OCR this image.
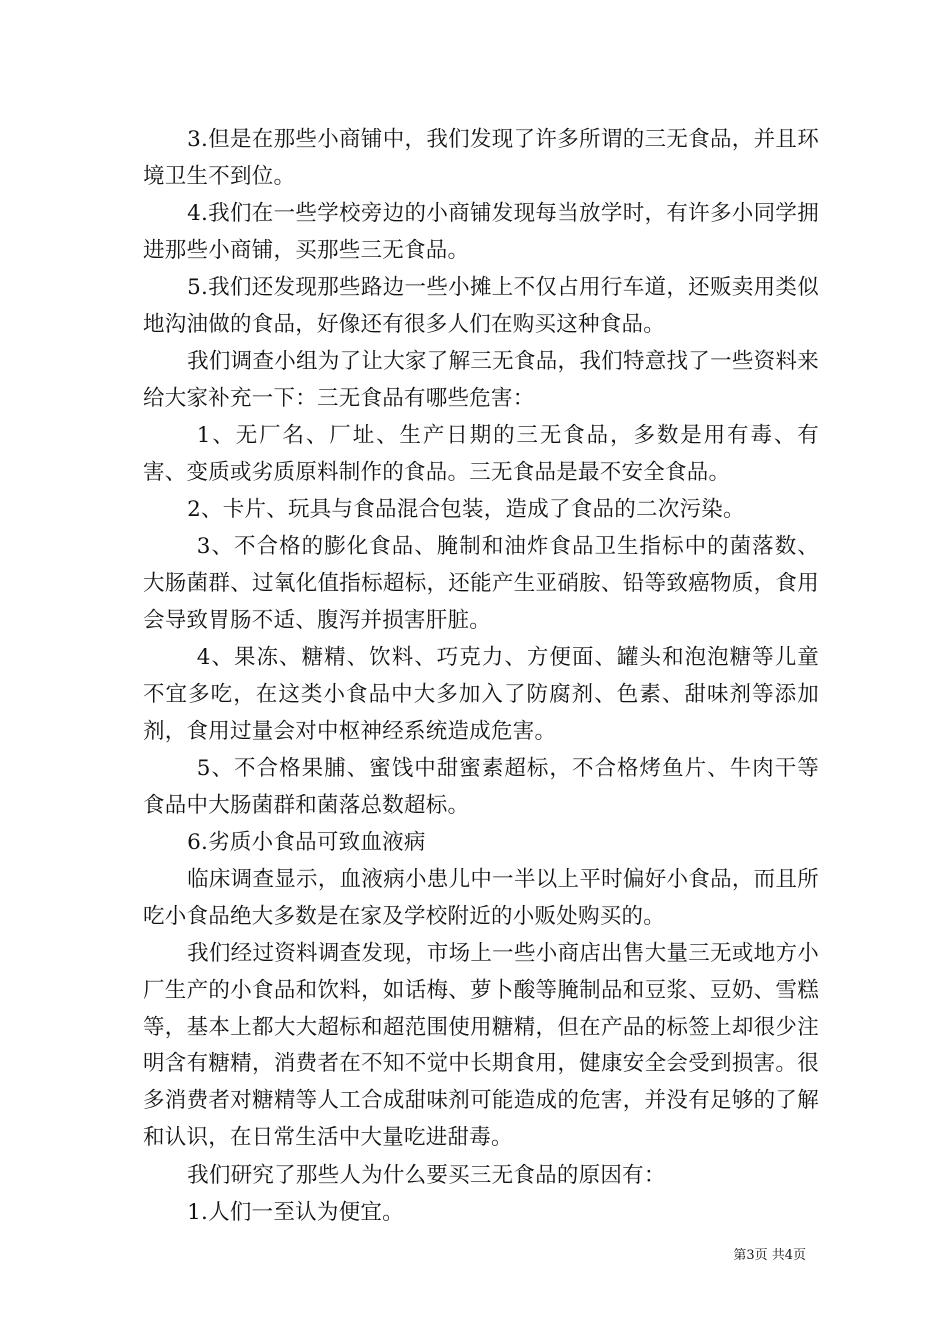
3.但是在那些小商铺中，我们发现了许多所谓的三无食品，并且环境卫生不到位。

4.我们在一些学校旁边的小商铺发现每当放学时，有许多小同学拥进那些小商铺，买那些三无食品。

5.我们还发现那些路边一些小摊上不仅占用行车道，还贩卖用类似地沟油做的食品，好像还有很多人们在购买这种食品。

我们调查小组为了让大家了解三无食品，我们特意找了一些资料来给大家补充一下：三无食品有哪些危害：

1、无厂名、厂址、生产日期的三无食品，多数是用有毒、有害、变质或劣质原料制作的食品。三无食品是最不安全食品。

2、卡片、玩具与食品混合包装，造成了食品的二次污染。

3、不合格的膨化食品、腌制和油炸食品卫生指标中的菌落数、大肠菌群、过氧化值指标超标，还能产生亚硝胺、铅等致癌物质，食用会导致胃肠不适、腹泻并损害肝脏。

4、果冻、糖精、饮料、巧克力、方便面、罐头和泡泡糖等儿童不宜多吃，在这类小食品中大多加入了防腐剂、色素、甜味剂等添加剂，食用过量会对中枢神经系统造成危害。

5、不合格果脯、蜜饯中甜蜜素超标，不合格烤鱼片、牛肉干等食品中大肠菌群和菌落总数超标。

6.劣质小食品可致血液病

临床调查显示，血液病小患儿中一半以上平时偏好小食品，而且所吃小食品绝大多数是在家及学校附近的小贩处购买的。

我们经过资料调查发现，市场上一些小商店出售大量三无或地方小厂生产的小食品和饮料，如话梅、萝卜酸等腌制品和豆浆、豆奶、雪糕等，基本上都大大超标和超范围使用糖精，但在产品的标签上却很少注明含有糖精，消费者在不知不觉中长期食用，健康安全会受到损害。很多消费者对糖精等人工合成甜味剂可能造成的危害，并没有足够的了解和认识，在日常生活中大量吃进甜毒。

我们研究了那些人为什么要买三无食品的原因有：

1.人们一至认为便宜。

第3页 共4页
